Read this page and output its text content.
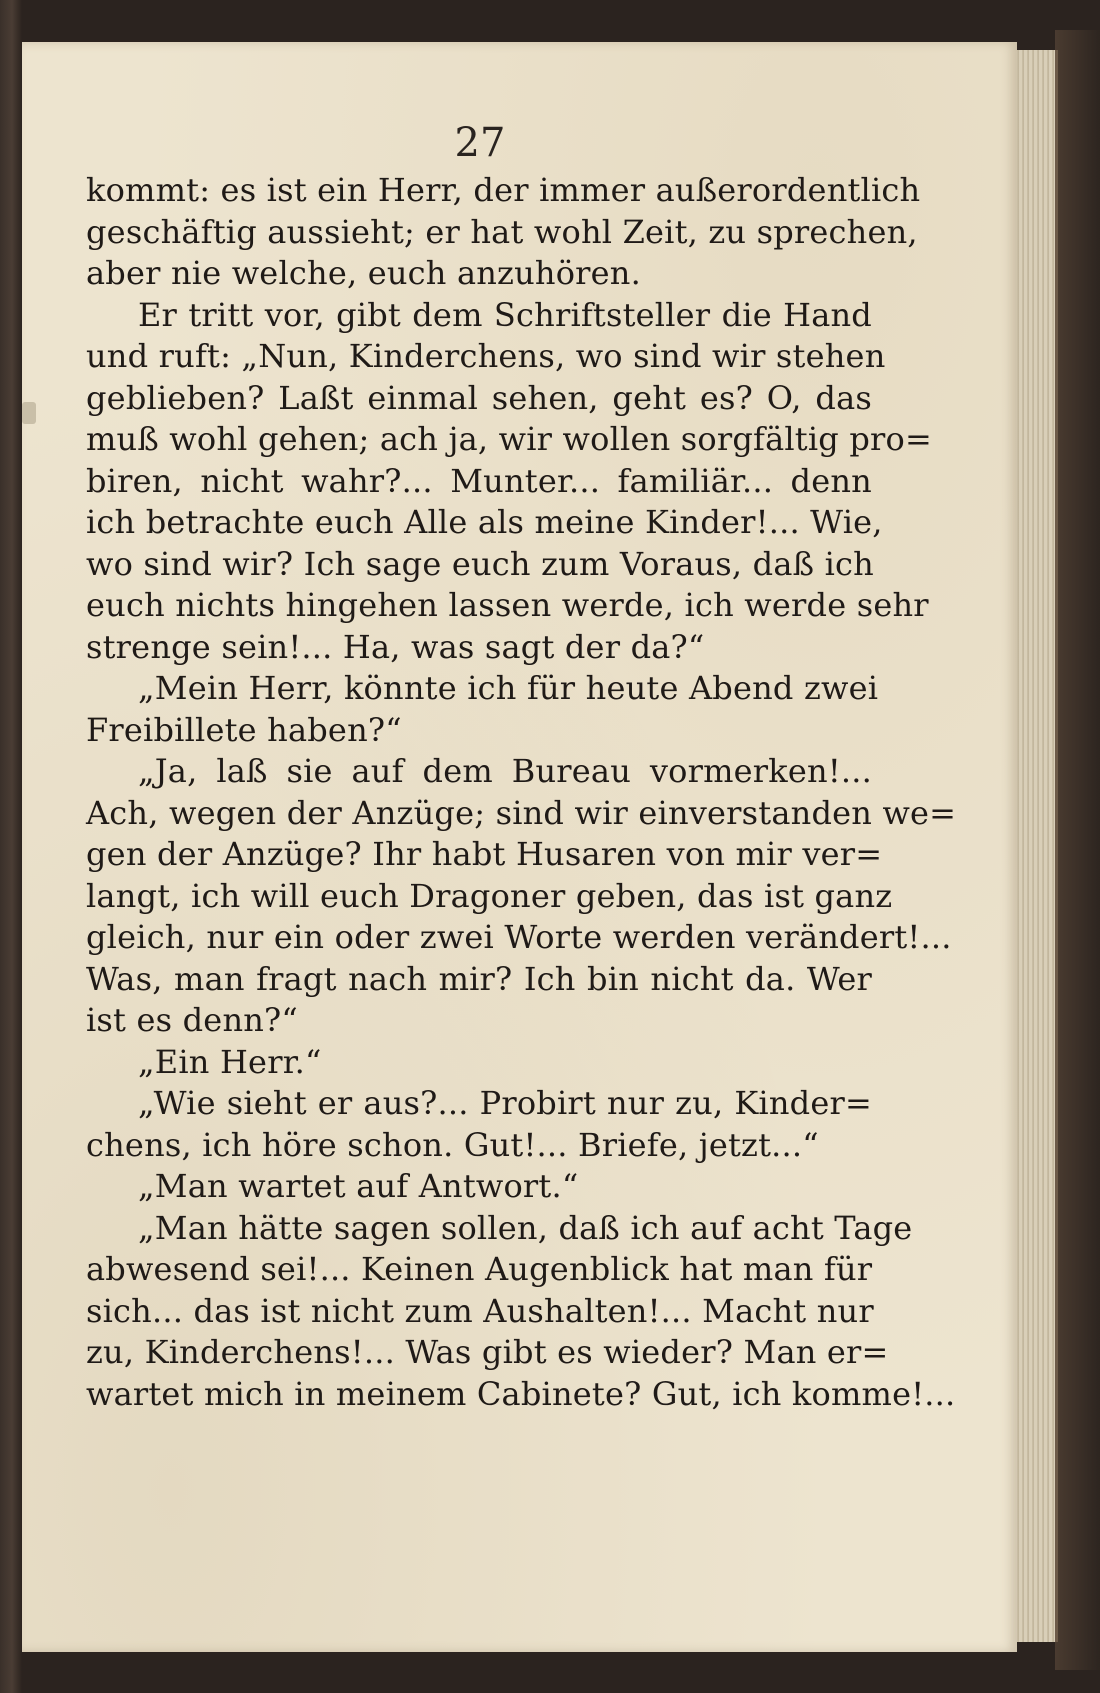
27
kommt: es ist ein Herr, der immer außerordentlich
geschäftig aussieht; er hat wohl Zeit, zu sprechen,
aber nie welche, euch anzuhören.
Er tritt vor, gibt dem Schriftsteller die Hand
und ruft: „Nun, Kinderchens, wo sind wir stehen
geblieben? Laßt einmal sehen, geht es? O, das
muß wohl gehen; ach ja, wir wollen sorgfältig pro=
biren, nicht wahr?... Munter... familiär... denn
ich betrachte euch Alle als meine Kinder!... Wie,
wo sind wir? Ich sage euch zum Voraus, daß ich
euch nichts hingehen lassen werde, ich werde sehr
strenge sein!... Ha, was sagt der da?“
„Mein Herr, könnte ich für heute Abend zwei
Freibillete haben?“
„Ja, laß sie auf dem Bureau vormerken!...
Ach, wegen der Anzüge; sind wir einverstanden we=
gen der Anzüge? Ihr habt Husaren von mir ver=
langt, ich will euch Dragoner geben, das ist ganz
gleich, nur ein oder zwei Worte werden verändert!...
Was, man fragt nach mir? Ich bin nicht da. Wer
ist es denn?“
„Ein Herr.“
„Wie sieht er aus?... Probirt nur zu, Kinder=
chens, ich höre schon. Gut!... Briefe, jetzt...“
„Man wartet auf Antwort.“
„Man hätte sagen sollen, daß ich auf acht Tage
abwesend sei!... Keinen Augenblick hat man für
sich... das ist nicht zum Aushalten!... Macht nur
zu, Kinderchens!... Was gibt es wieder? Man er=
wartet mich in meinem Cabinete? Gut, ich komme!...
